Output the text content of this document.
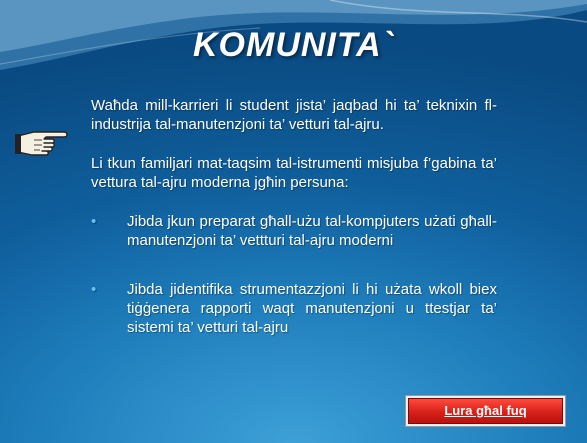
KOMUNITA`

Waħda mill-karrieri li student jista’ jaqbad hi ta’ teknixin fl-industrija tal-manutenzjoni ta’ vetturi tal-ajru.

Li tkun familjari mat-taqsim tal-istrumenti misjuba f’gabina ta’ vettura tal-ajru moderna jgħin persuna:

• Jibda jkun preparat għall-użu tal-kompjuters użati għall-manutenzjoni ta’ vettturi tal-ajru moderni
• Jibda jidentifika strumentazzjoni li hi użata wkoll biex tiġġenera rapporti waqt manutenzjoni u ttestjar ta’ sistemi ta’ vetturi tal-ajru
Lura għal fuq
